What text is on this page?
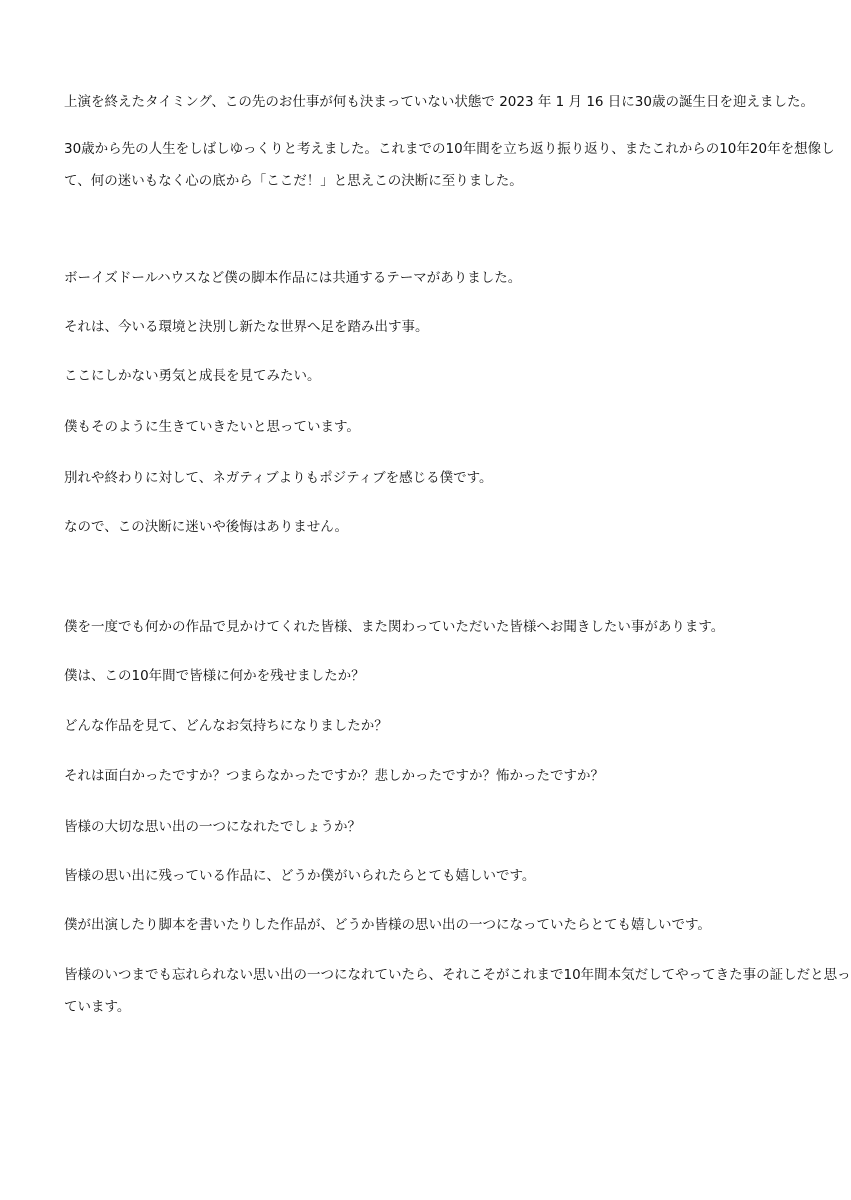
上演を終えたタイミング、この先のお仕事が何も決まっていない状態で 2023 年 1 月 16 日に30歳の誕生日を迎えました。
30歳から先の人生をしばしゆっくりと考えました。これまでの10年間を立ち返り振り返り、またこれからの10年20年を想像し
て、何の迷いもなく心の底から「ここだ！」と思えこの決断に至りました。
ボーイズドールハウスなど僕の脚本作品には共通するテーマがありました。
それは、今いる環境と決別し新たな世界へ足を踏み出す事。
ここにしかない勇気と成長を見てみたい。
僕もそのように生きていきたいと思っています。
別れや終わりに対して、ネガティブよりもポジティブを感じる僕です。
なので、この決断に迷いや後悔はありません。
僕を一度でも何かの作品で見かけてくれた皆様、また関わっていただいた皆様へお聞きしたい事があります。
僕は、この10年間で皆様に何かを残せましたか？
どんな作品を見て、どんなお気持ちになりましたか？
それは面白かったですか？つまらなかったですか？悲しかったですか？怖かったですか？
皆様の大切な思い出の一つになれたでしょうか？
皆様の思い出に残っている作品に、どうか僕がいられたらとても嬉しいです。
僕が出演したり脚本を書いたりした作品が、どうか皆様の思い出の一つになっていたらとても嬉しいです。
皆様のいつまでも忘れられない思い出の一つになれていたら、それこそがこれまで10年間本気だしてやってきた事の証しだと思っ
ています。
